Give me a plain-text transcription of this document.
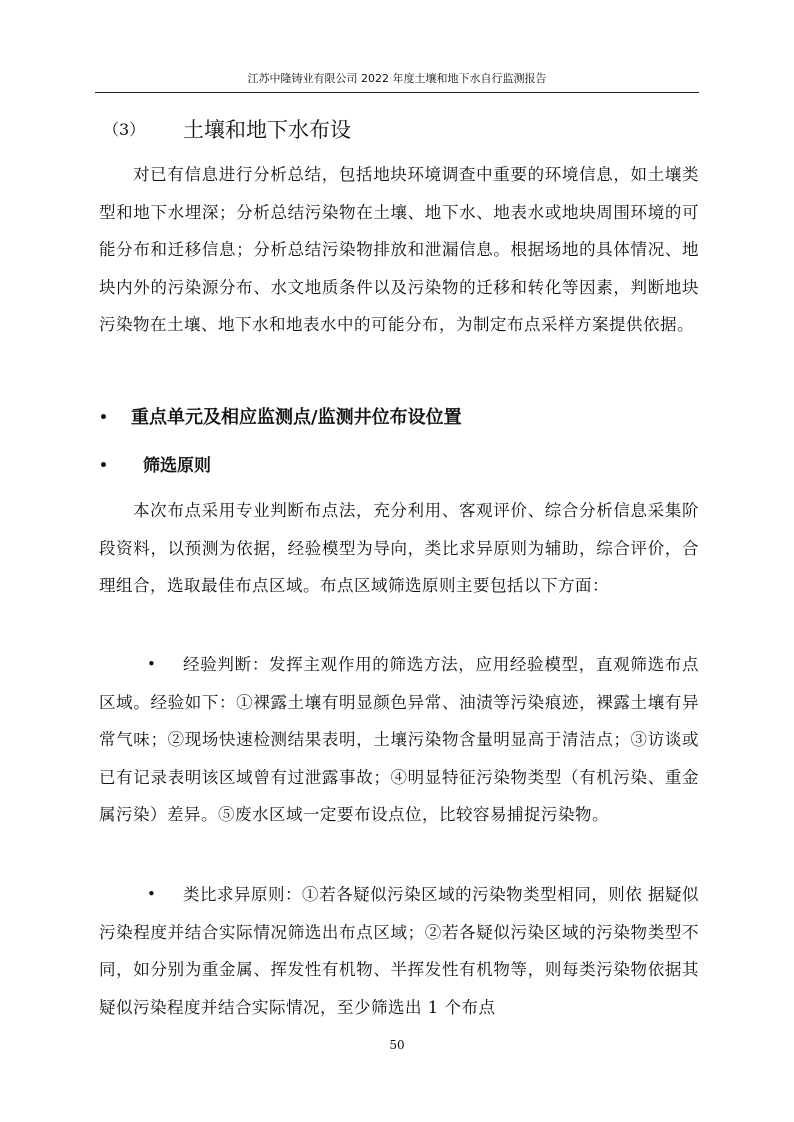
江苏中隆铸业有限公司 2022 年度土壤和地下水自行监测报告
（3） 土壤和地下水布设

对已有信息进行分析总结，包括地块环境调查中重要的环境信息，如土壤类型和地下水埋深；分析总结污染物在土壤、地下水、地表水或地块周围环境的可能分布和迁移信息；分析总结污染物排放和泄漏信息。根据场地的具体情况、地块内外的污染源分布、水文地质条件以及污染物的迁移和转化等因素，判断地块污染物在土壤、地下水和地表水中的可能分布，为制定布点采样方案提供依据。

• 重点单元及相应监测点/监测井位布设位置
• 筛选原则

本次布点采用专业判断布点法，充分利用、客观评价、综合分析信息采集阶段资料，以预测为依据，经验模型为导向，类比求异原则为辅助，综合评价，合理组合，选取最佳布点区域。布点区域筛选原则主要包括以下方面：

•	经验判断：发挥主观作用的筛选方法，应用经验模型，直观筛选布点区域。经验如下：①裸露土壤有明显颜色异常、油渍等污染痕迹，裸露土壤有异常气味；②现场快速检测结果表明，土壤污染物含量明显高于清洁点；③访谈或已有记录表明该区域曾有过泄露事故；④明显特征污染物类型（有机污染、重金属污染）差异。⑤废水区域一定要布设点位，比较容易捕捉污染物。

•	类比求异原则：①若各疑似污染区域的污染物类型相同，则依 据疑似污染程度并结合实际情况筛选出布点区域；②若各疑似污染区域的污染物类型不同，如分别为重金属、挥发性有机物、半挥发性有机物等，则每类污染物依据其疑似污染程度并结合实际情况，至少筛选出 1 个布点

50
